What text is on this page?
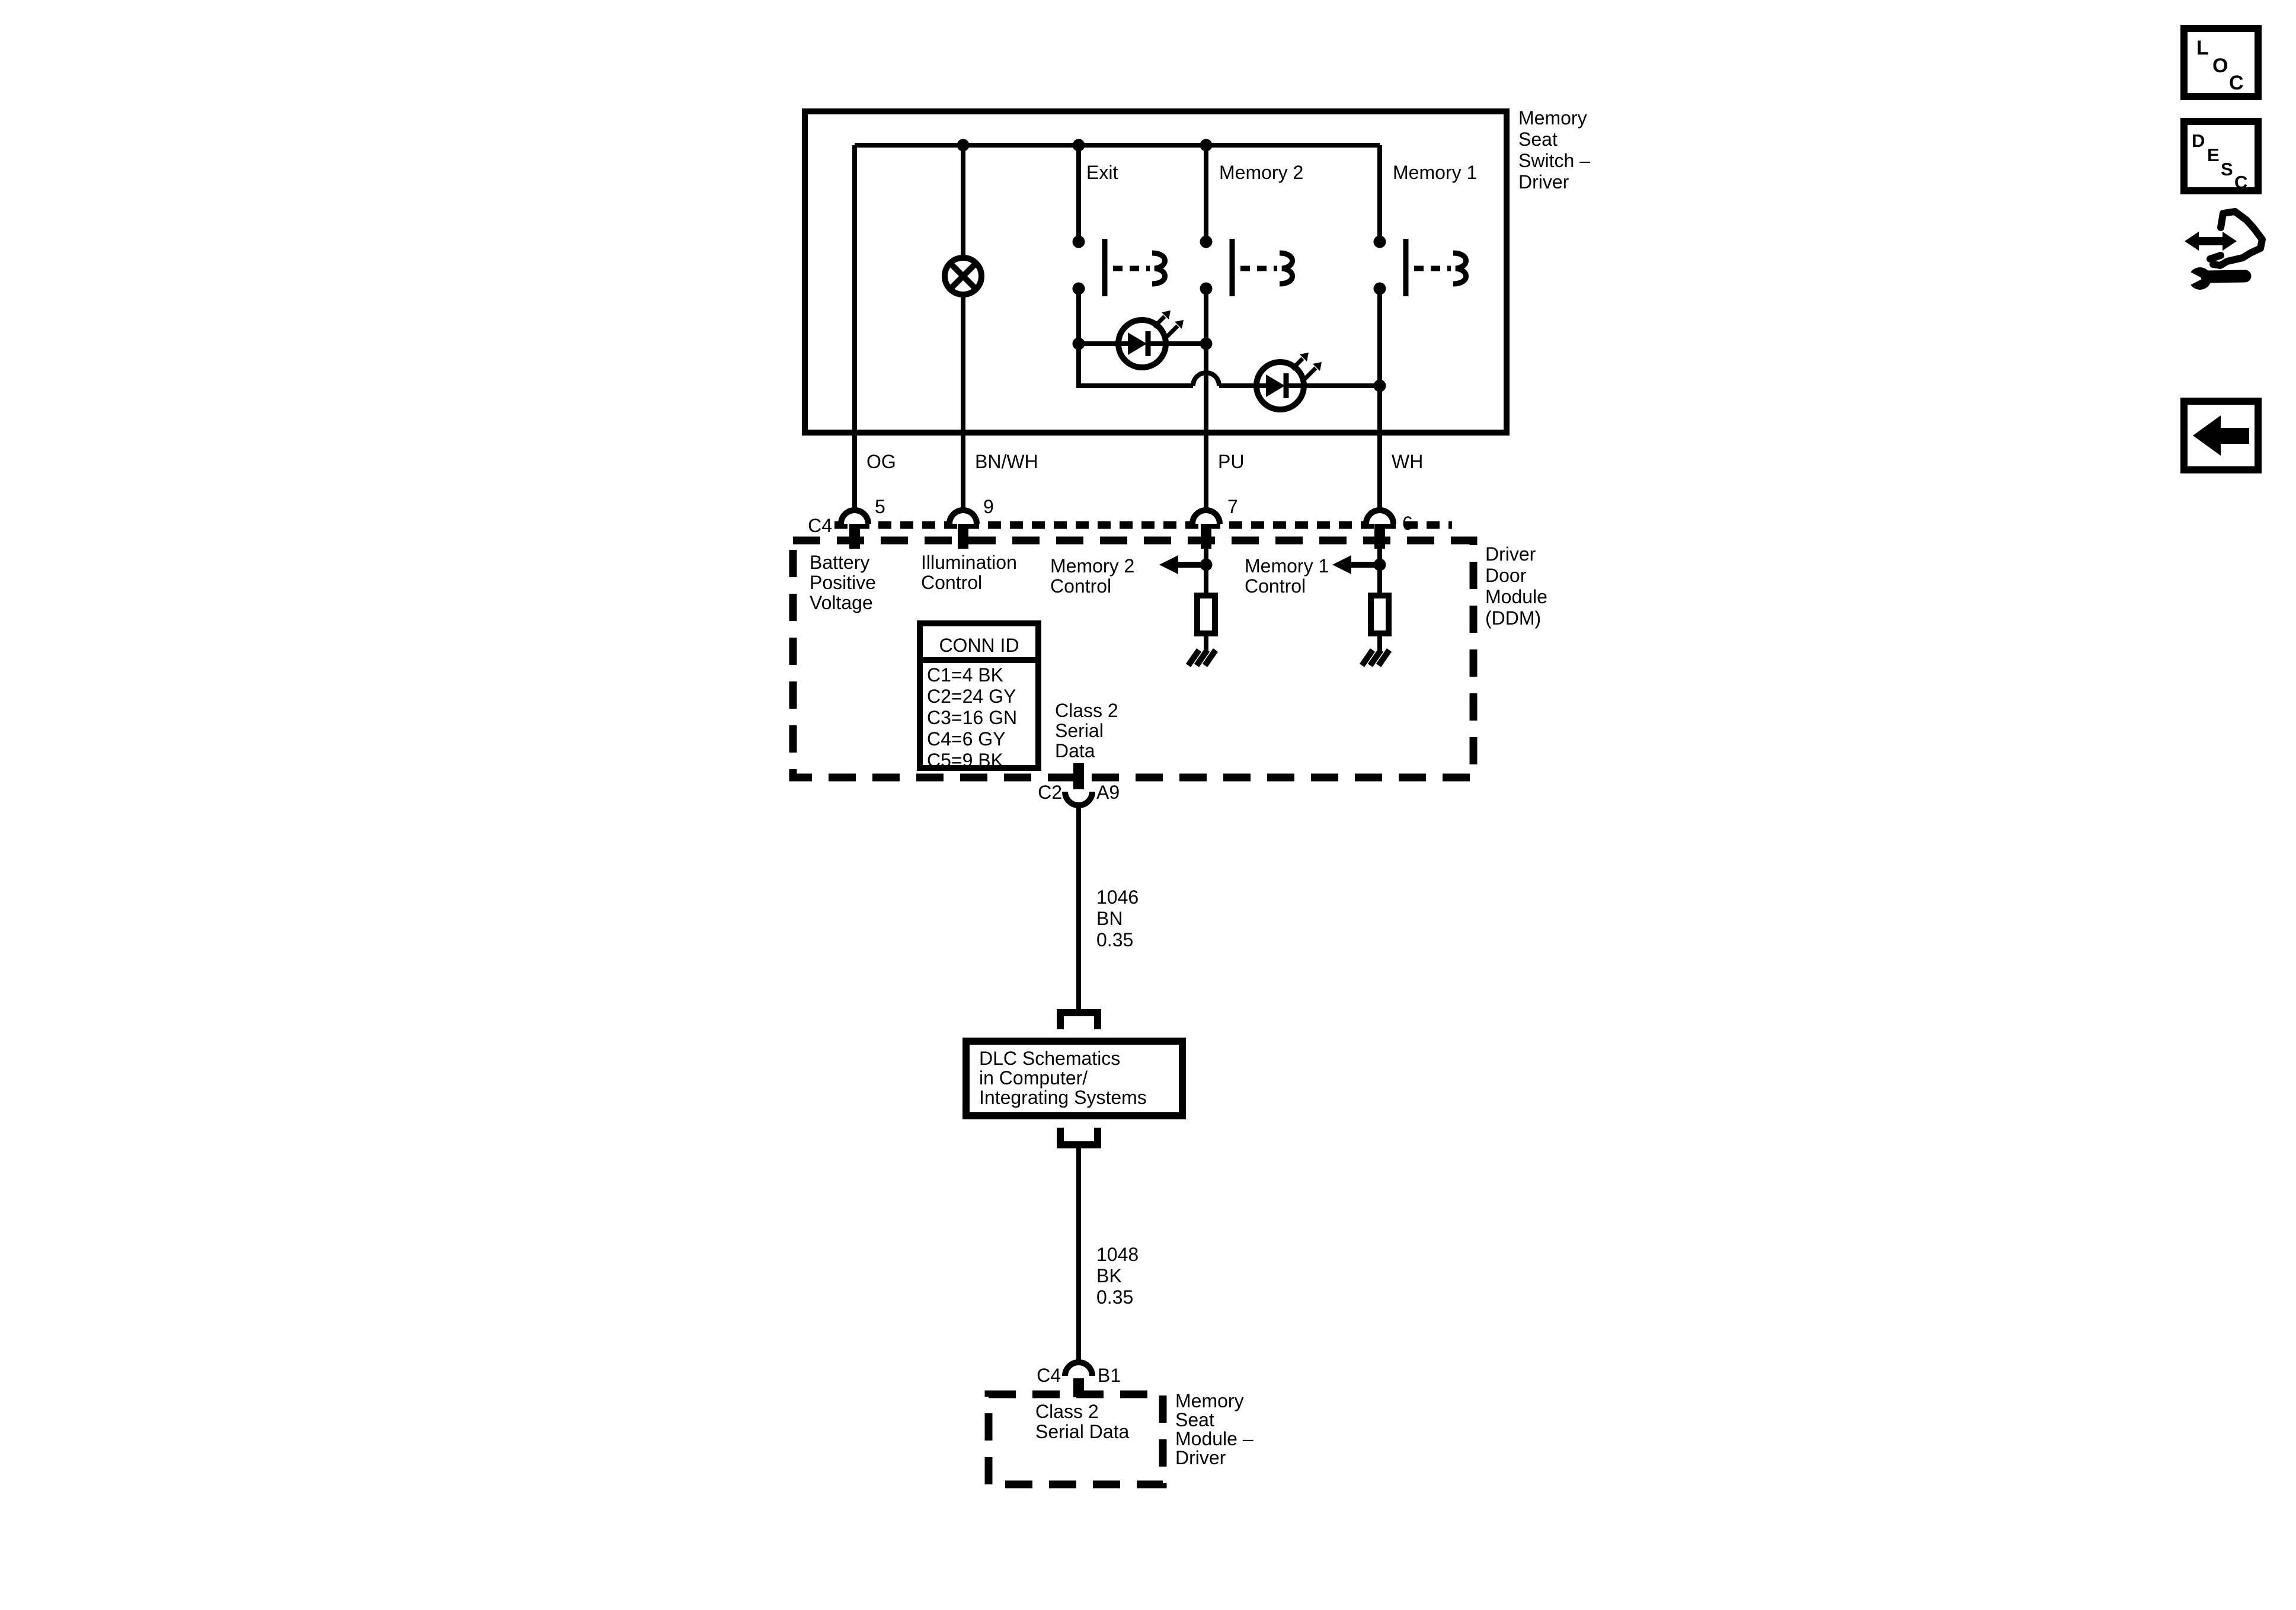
Memory
Seat
Switch –
Driver
Exit	Memory 2	Memory 1
OG	BN/WH	PU	WH
C4
5	9	7
6
Driver
Door
Module
(DDM)
Battery
Positive
Voltage
Illumination
Control
Memory 2
Control
Memory 1
Control
CONN ID
C1=4 BK
C2=24 GY
C3=16 GN
C4=6 GY
C5=9 BK
Class 2
Serial
Data
C2 A9
1046
BN
0.35
DLC Schematics
in Computer/
Integrating Systems
1048
BK
0.35
C4 B1
Class 2
Serial Data
Memory
Seat
Module –
Driver
L
O
C
D
E
S
C
